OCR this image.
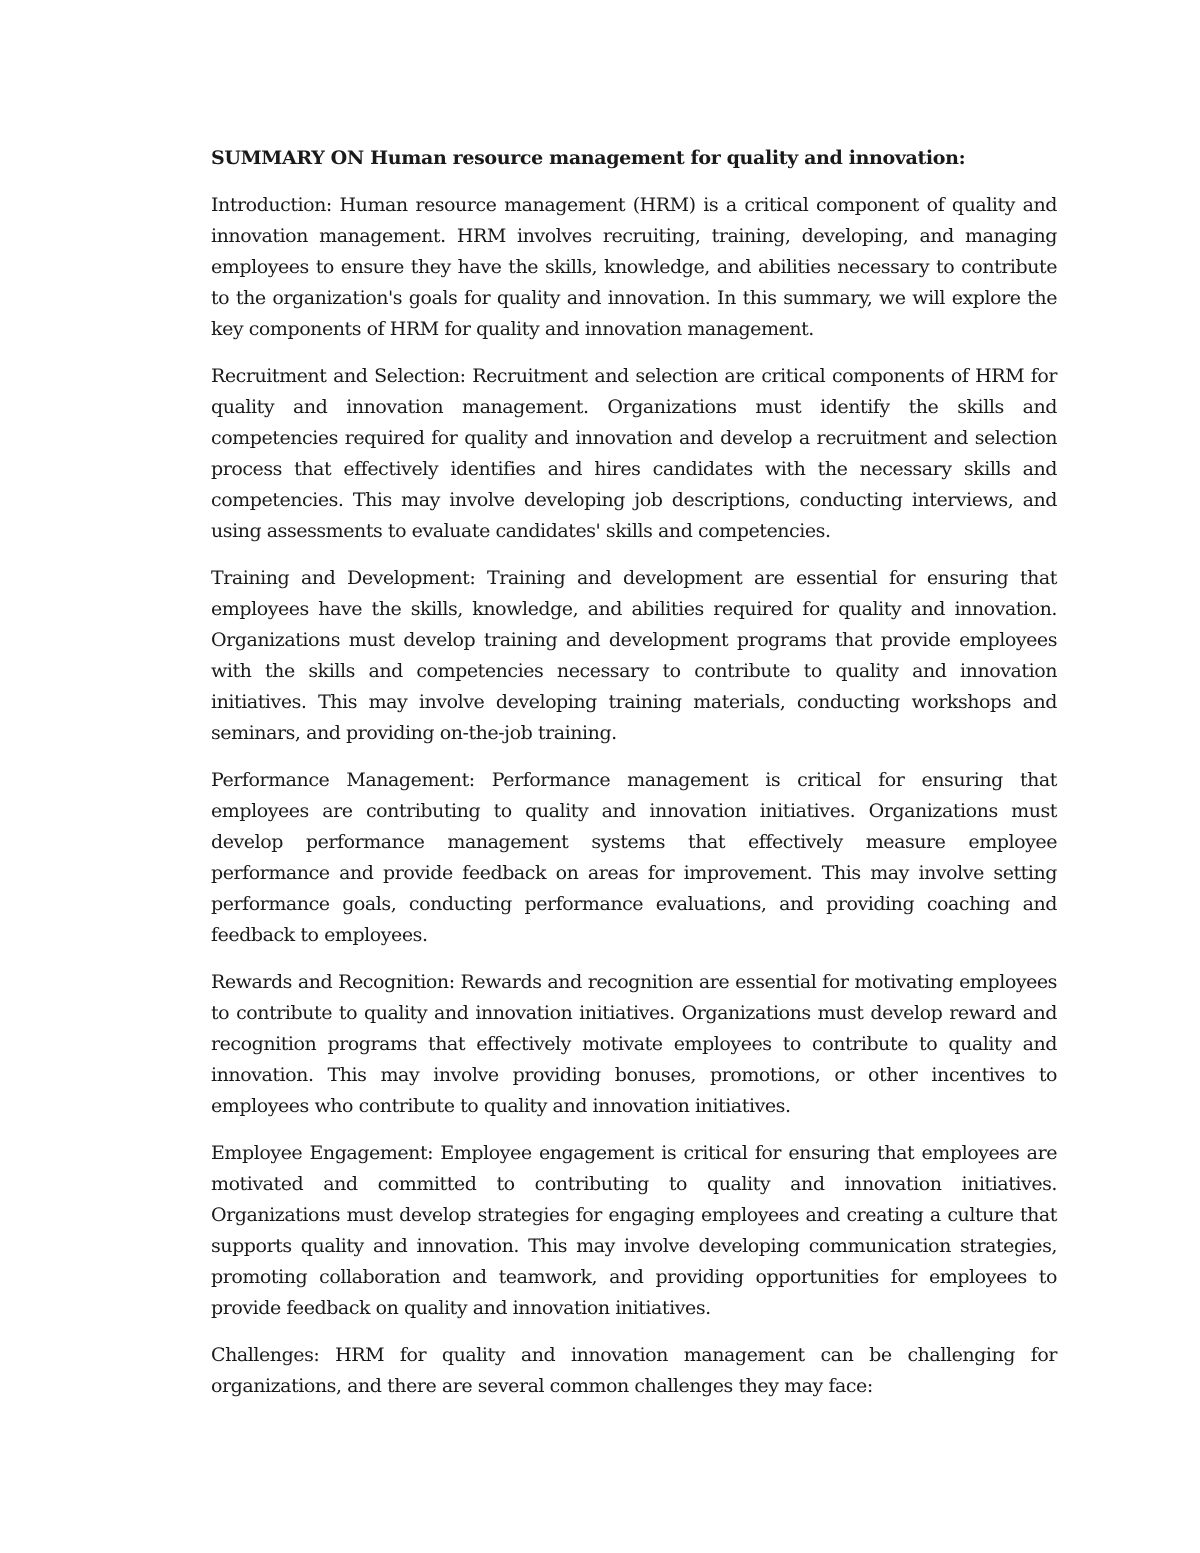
SUMMARY ON Human resource management for quality and innovation:

Introduction: Human resource management (HRM) is a critical component of quality and innovation management. HRM involves recruiting, training, developing, and managing employees to ensure they have the skills, knowledge, and abilities necessary to contribute to the organization's goals for quality and innovation. In this summary, we will explore the key components of HRM for quality and innovation management.

Recruitment and Selection: Recruitment and selection are critical components of HRM for quality and innovation management. Organizations must identify the skills and competencies required for quality and innovation and develop a recruitment and selection process that effectively identifies and hires candidates with the necessary skills and competencies. This may involve developing job descriptions, conducting interviews, and using assessments to evaluate candidates' skills and competencies.

Training and Development: Training and development are essential for ensuring that employees have the skills, knowledge, and abilities required for quality and innovation. Organizations must develop training and development programs that provide employees with the skills and competencies necessary to contribute to quality and innovation initiatives. This may involve developing training materials, conducting workshops and seminars, and providing on-the-job training.

Performance Management: Performance management is critical for ensuring that employees are contributing to quality and innovation initiatives. Organizations must develop performance management systems that effectively measure employee performance and provide feedback on areas for improvement. This may involve setting performance goals, conducting performance evaluations, and providing coaching and feedback to employees.

Rewards and Recognition: Rewards and recognition are essential for motivating employees to contribute to quality and innovation initiatives. Organizations must develop reward and recognition programs that effectively motivate employees to contribute to quality and innovation. This may involve providing bonuses, promotions, or other incentives to employees who contribute to quality and innovation initiatives.

Employee Engagement: Employee engagement is critical for ensuring that employees are motivated and committed to contributing to quality and innovation initiatives. Organizations must develop strategies for engaging employees and creating a culture that supports quality and innovation. This may involve developing communication strategies, promoting collaboration and teamwork, and providing opportunities for employees to provide feedback on quality and innovation initiatives.

Challenges: HRM for quality and innovation management can be challenging for organizations, and there are several common challenges they may face:
